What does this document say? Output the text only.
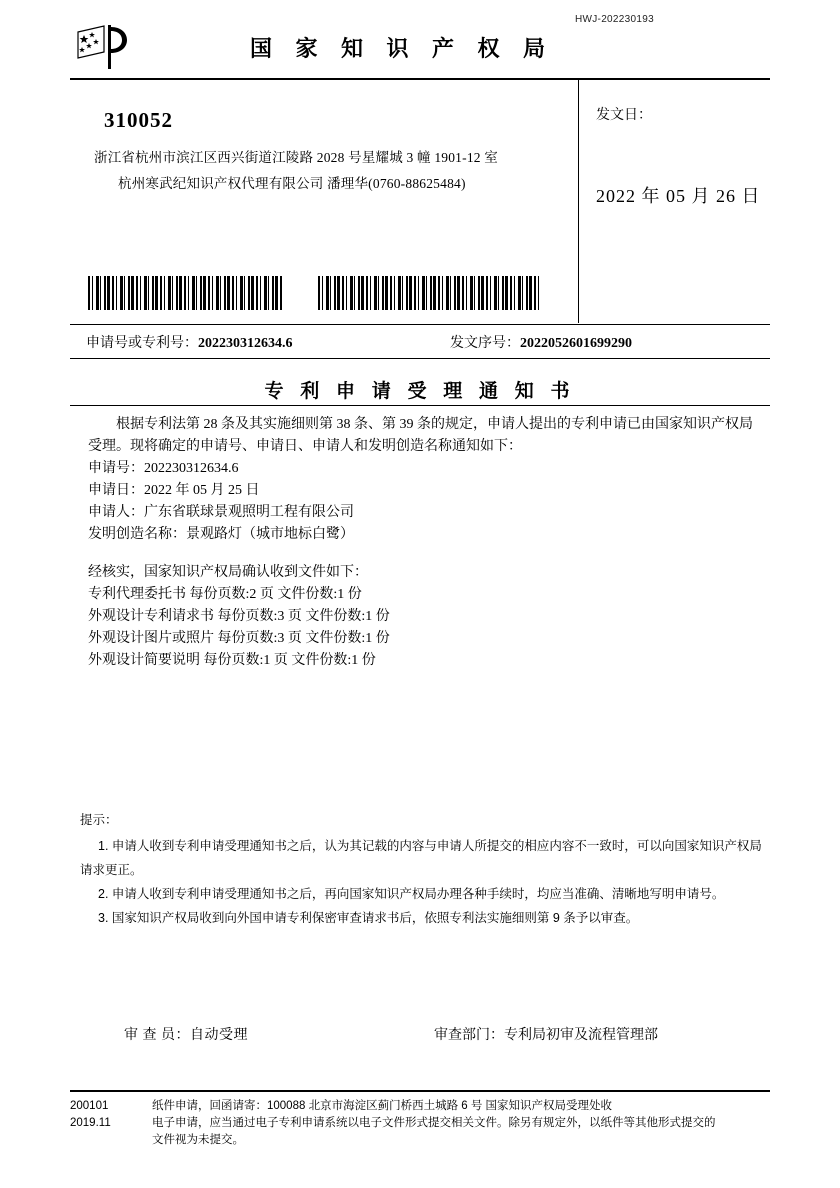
HWJ-202230193
国 家 知 识 产 权 局
310052
浙江省杭州市滨江区西兴街道江陵路 2028 号星耀城 3 幢 1901-12 室
杭州寒武纪知识产权代理有限公司 潘理华(0760-88625484)
发文日：
2022 年 05 月 26 日
申请号或专利号：202230312634.6	发文序号：2022052601699290
专 利 申 请 受 理 通 知 书
根据专利法第 28 条及其实施细则第 38 条、第 39 条的规定，申请人提出的专利申请已由国家知识产权局受理。现将确定的申请号、申请日、申请人和发明创造名称通知如下：
申请号：202230312634.6
申请日：2022 年 05 月 25 日
申请人：广东省联球景观照明工程有限公司
发明创造名称：景观路灯（城市地标白鹭）
经核实，国家知识产权局确认收到文件如下：
专利代理委托书 每份页数:2 页 文件份数:1 份
外观设计专利请求书 每份页数:3 页 文件份数:1 份
外观设计图片或照片 每份页数:3 页 文件份数:1 份
外观设计简要说明 每份页数:1 页 文件份数:1 份
提示：
1. 申请人收到专利申请受理通知书之后，认为其记载的内容与申请人所提交的相应内容不一致时，可以向国家知识产权局
请求更正。
2. 申请人收到专利申请受理通知书之后，再向国家知识产权局办理各种手续时，均应当准确、清晰地写明申请号。
3. 国家知识产权局收到向外国申请专利保密审查请求书后，依照专利法实施细则第 9 条予以审查。
审 查 员：自动受理	审查部门：专利局初审及流程管理部
200101
2019.11
纸件申请，回函请寄：100088 北京市海淀区蓟门桥西土城路 6 号 国家知识产权局受理处收
电子申请，应当通过电子专利申请系统以电子文件形式提交相关文件。除另有规定外，以纸件等其他形式提交的
文件视为未提交。
